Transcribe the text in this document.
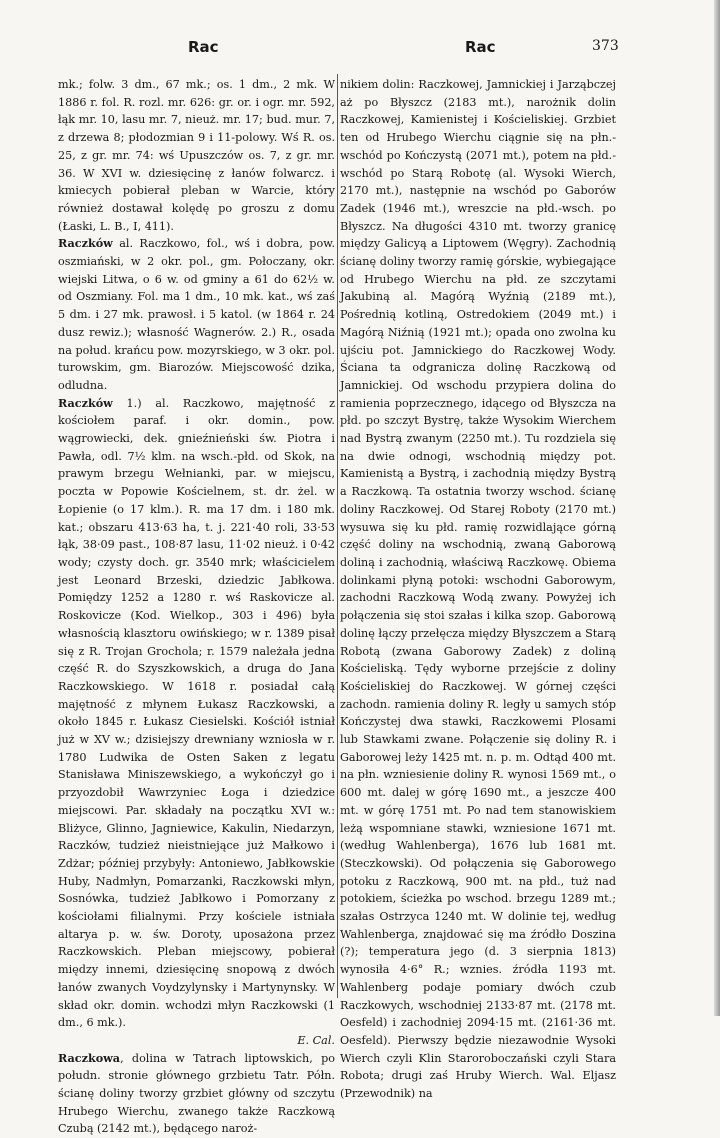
Rac	Rac	373

mk.; folw. 3 dm., 67 mk.; os. 1 dm., 2 mk. W 1886 r. fol. R. rozl. mr. 626: gr. or. i ogr. mr. 592, łąk mr. 10, lasu mr. 7, nieuż. mr. 17; bud. mur. 7, z drzewa 8; płodozmian 9 i 11-polowy. Wś R. os. 25, z gr. mr. 74: wś Upuszczów os. 7, z gr. mr. 36. W XVI w. dziesięcinę z łanów folwarcz. i kmiecych pobierał pleban w Warcie, który również dostawał kolędę po groszu z domu (Łaski, L. B., I, 411).

Raczków al. Raczkowo, fol., wś i dobra, pow. oszmiański, w 2 okr. pol., gm. Połoczany, okr. wiejski Litwa, o 6 w. od gminy a 61 do 62½ w. od Oszmiany. Fol. ma 1 dm., 10 mk. kat., wś zaś 5 dm. i 27 mk. prawosł. i 5 katol. (w 1864 r. 24 dusz rewiz.); własność Wagnerów. 2.) R., osada na połud. krańcu pow. mozyrskiego, w 3 okr. pol. turowskim, gm. Biarozów. Miejscowość dzika, odludna.

Raczków 1.) al. Raczkowo, majętność z kościołem paraf. i okr. domin., pow. wągrowiecki, dek. gnieźnieński św. Piotra i Pawła, odl. 7½ klm. na wsch.-płd. od Skok, na prawym brzegu Wełnianki, par. w miejscu, poczta w Popowie Kościelnem, st. dr. żel. w Łopienie (o 17 klm.). R. ma 17 dm. i 180 mk. kat.; obszaru 413·63 ha, t. j. 221·40 roli, 33·53 łąk, 38·09 past., 108·87 lasu, 11·02 nieuż. i 0·42 wody; czysty doch. gr. 3540 mrk; właścicielem jest Leonard Brzeski, dziedzic Jabłkowa. Pomiędzy 1252 a 1280 r. wś Raskovicze al. Roskovicze (Kod. Wielkop., 303 i 496) była własnością klasztoru owińskiego; w r. 1389 pisał się z R. Trojan Grochola; r. 1579 należała jedna część R. do Szyszkowskich, a druga do Jana Raczkowskiego. W 1618 r. posiadał całą majętność z młynem Łukasz Raczkowski, a około 1845 r. Łukasz Ciesielski. Kościół istniał już w XV w.; dzisiejszy drewniany wzniosła w r. 1780 Ludwika de Osten Saken z legatu Stanisława Miniszewskiego, a wykończył go i przyozdobił Wawrzyniec Łoga i dziedzice miejscowi. Par. składały na początku XVI w.: Bliżyce, Glinno, Jagniewice, Kakulin, Niedarzyn, Raczków, tudzież nieistniejące już Małkowo i Zdżar; później przybyły: Antoniewo, Jabłkowskie Huby, Nadmłyn, Pomarzanki, Raczkowski młyn, Sosnówka, tudzież Jabłkowo i Pomorzany z kościołami filialnymi. Przy kościele istniała altarya p. w. św. Doroty, uposażona przez Raczkowskich. Pleban miejscowy, pobierał między innemi, dziesięcinę snopową z dwóch łanów zwanych Voydzylynsky i Martynynsky. W skład okr. domin. wchodzi młyn Raczkowski (1 dm., 6 mk.).
E. Cal.

Raczkowa, dolina w Tatrach liptowskich, po połudn. stronie głównego grzbietu Tatr. Półn. ścianę doliny tworzy grzbiet główny od szczytu Hrubego Wierchu, zwanego także Raczkową Czubą (2142 mt.), będącego naroż-

nikiem dolin: Raczkowej, Jamnickiej i Jarząbczej aż po Błyszcz (2183 mt.), narożnik dolin Raczkowej, Kamienistej i Kościeliskiej. Grzbiet ten od Hrubego Wierchu ciągnie się na płn.-wschód po Kończystą (2071 mt.), potem na płd.-wschód po Starą Robotę (al. Wysoki Wierch, 2170 mt.), następnie na wschód po Gaborów Zadek (1946 mt.), wreszcie na płd.-wsch. po Błyszcz. Na długości 4310 mt. tworzy granicę między Galicyą a Liptowem (Węgry). Zachodnią ścianę doliny tworzy ramię górskie, wybiegające od Hrubego Wierchu na płd. ze szczytami Jakubiną al. Magórą Wyźnią (2189 mt.), Pośrednią kotliną, Ostredokiem (2049 mt.) i Magórą Niźnią (1921 mt.); opada ono zwolna ku ujściu pot. Jamnickiego do Raczkowej Wody. Ściana ta odgranicza dolinę Raczkową od Jamnickiej. Od wschodu przypiera dolina do ramienia poprzecznego, idącego od Błyszcza na płd. po szczyt Bystrę, także Wysokim Wierchem nad Bystrą zwanym (2250 mt.). Tu rozdziela się na dwie odnogi, wschodnią między pot. Kamienistą a Bystrą, i zachodnią między Bystrą a Raczkową. Ta ostatnia tworzy wschod. ścianę doliny Raczkowej. Od Starej Roboty (2170 mt.) wysuwa się ku płd. ramię rozwidlające górną część doliny na wschodnią, zwaną Gaborową doliną i zachodnią, właściwą Raczkowę. Obiema dolinkami płyną potoki: wschodni Gaborowym, zachodni Raczkową Wodą zwany. Powyżej ich połączenia się stoi szałas i kilka szop. Gaborową dolinę łączy przełęcza między Błyszczem a Starą Robotą (zwana Gaborowy Zadek) z doliną Kościeliską. Tędy wyborne przejście z doliny Kościeliskiej do Raczkowej. W górnej części zachodn. ramienia doliny R. legły u samych stóp Kończystej dwa stawki, Raczkowemi Plosami lub Stawkami zwane. Połączenie się doliny R. i Gaborowej leży 1425 mt. n. p. m. Odtąd 400 mt. na płn. wzniesienie doliny R. wynosi 1569 mt., o 600 mt. dalej w górę 1690 mt., a jeszcze 400 mt. w górę 1751 mt. Po nad tem stanowiskiem leżą wspomniane stawki, wzniesione 1671 mt. (według Wahlenberga), 1676 lub 1681 mt. (Steczkowski). Od połączenia się Gaborowego potoku z Raczkową, 900 mt. na płd., tuż nad potokiem, ścieżka po wschod. brzegu 1289 mt.; szałas Ostrzyca 1240 mt. W dolinie tej, według Wahlenberga, znajdować się ma źródło Doszina (?); temperatura jego (d. 3 sierpnia 1813) wynosiła 4·6° R.; wznies. źródła 1193 mt. Wahlenberg podaje pomiary dwóch czub Raczkowych, wschodniej 2133·87 mt. (2178 mt. Oesfeld) i zachodniej 2094·15 mt. (2161·36 mt. Oesfeld). Pierwszy będzie niezawodnie Wysoki Wierch czyli Klin Staroroboczański czyli Stara Robota; drugi zaś Hruby Wierch. Wal. Eljasz (Przewodnik) na
